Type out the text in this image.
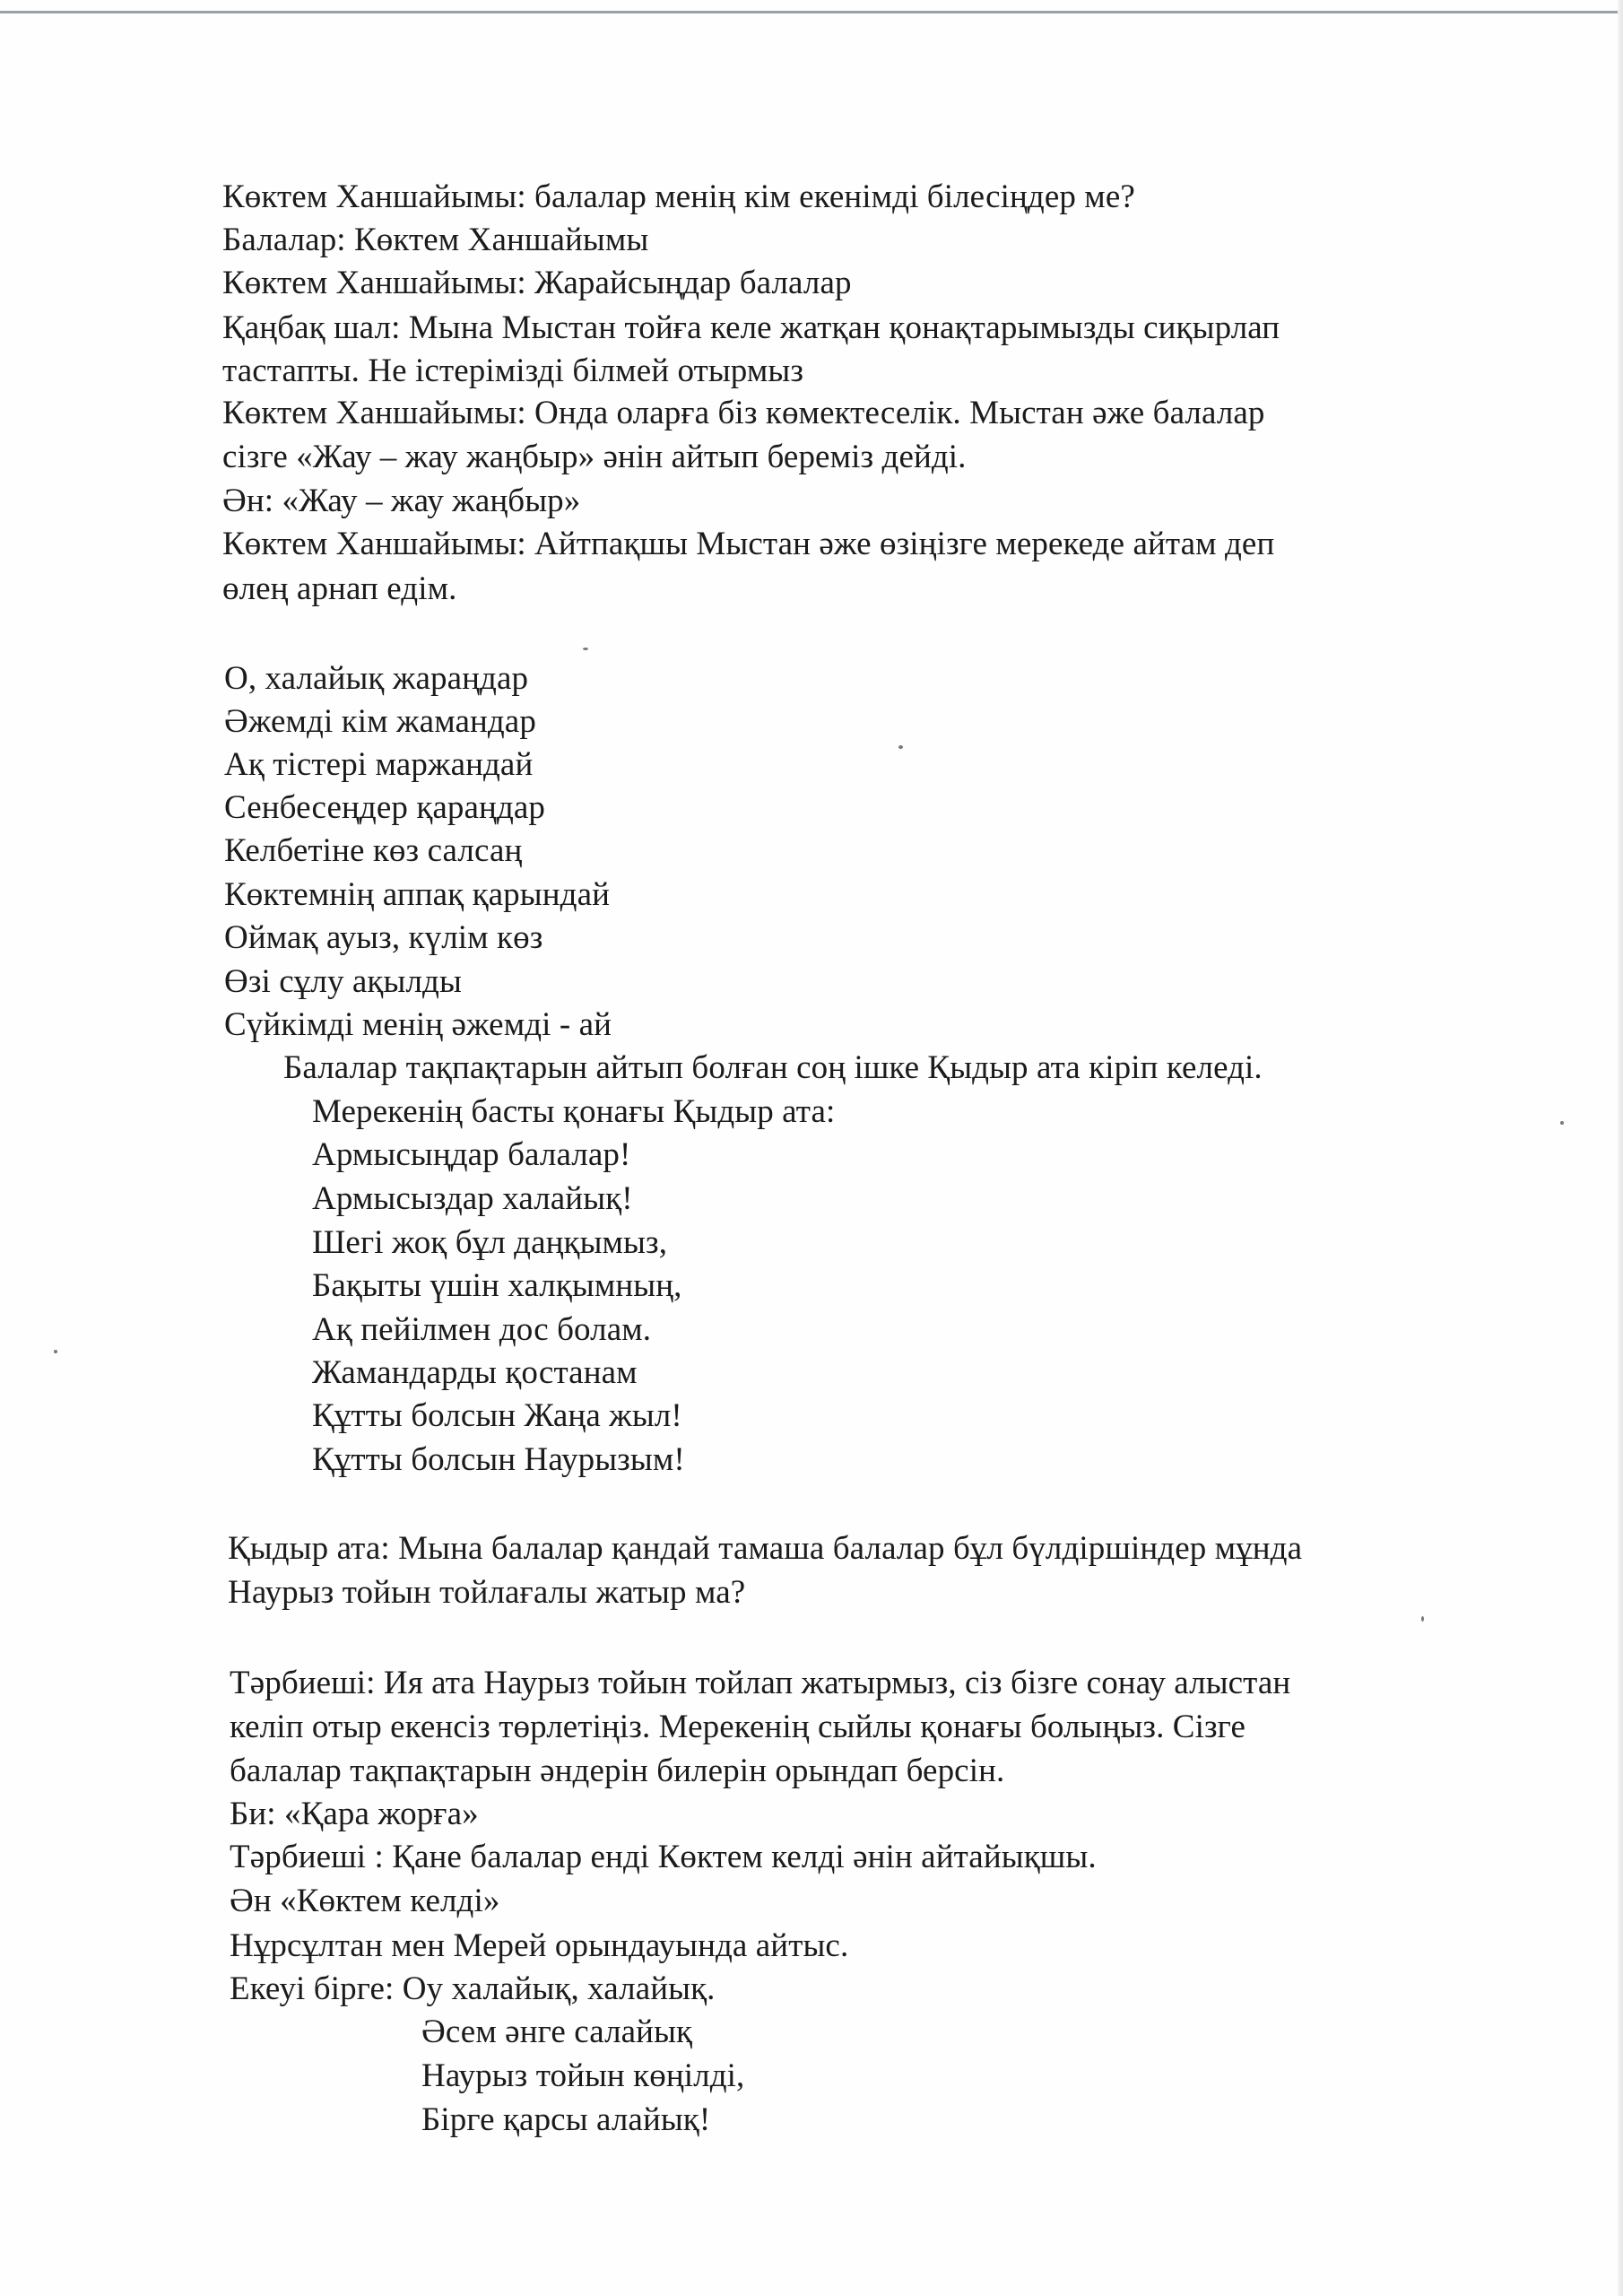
Көктем Ханшайымы: балалар менің кім екенімді білесіңдер ме?

Балалар: Көктем Ханшайымы

Көктем Ханшайымы: Жарайсыңдар балалар

Қаңбақ шал: Мына Мыстан тойға келе жатқан қонақтарымызды сиқырлап

тастапты. Не істерімізді білмей отырмыз

Көктем Ханшайымы: Онда оларға біз көмектеселік. Мыстан әже балалар

сізге «Жау – жау жаңбыр» әнін айтып береміз дейді.

Ән: «Жау – жау жаңбыр»

Көктем Ханшайымы: Айтпақшы Мыстан әже өзіңізге мерекеде айтам деп

өлең арнап едім.

О, халайық жараңдар

Әжемді кім жамандар

Ақ тістері маржандай

Сенбесеңдер қараңдар

Келбетіне көз салсаң

Көктемнің аппақ қарындай

Оймақ ауыз, күлім көз

Өзі сұлу ақылды

Сүйкімді менің әжемді - ай

Балалар тақпақтарын айтып болған соң ішке Қыдыр ата кіріп келеді.

Мерекенің басты қонағы Қыдыр ата:

Армысыңдар балалар!

Армысыздар халайық!

Шегі жоқ бұл даңқымыз,

Бақыты үшін халқымның,

Ақ пейілмен дос болам.

Жамандарды қостанам

Құтты болсын Жаңа жыл!

Құтты болсын Наурызым!

Қыдыр ата: Мына балалар қандай тамаша балалар бұл бүлдіршіндер мұнда

Наурыз тойын тойлағалы жатыр ма?

Тәрбиеші: Ия ата Наурыз тойын тойлап жатырмыз, сіз бізге сонау алыстан

келіп отыр екенсіз төрлетіңіз. Мерекенің сыйлы қонағы болыңыз. Сізге

балалар тақпақтарын әндерін билерін орындап берсін.

Би: «Қара жорға»

Тәрбиеші : Қане балалар енді Көктем келді әнін айтайықшы.

Ән «Көктем келді»

Нұрсұлтан мен Мерей орындауында айтыс.

Екеуі бірге: Оу халайық, халайық.

Әсем әнге салайық

Наурыз тойын көңілді,

Бірге қарсы алайық!
